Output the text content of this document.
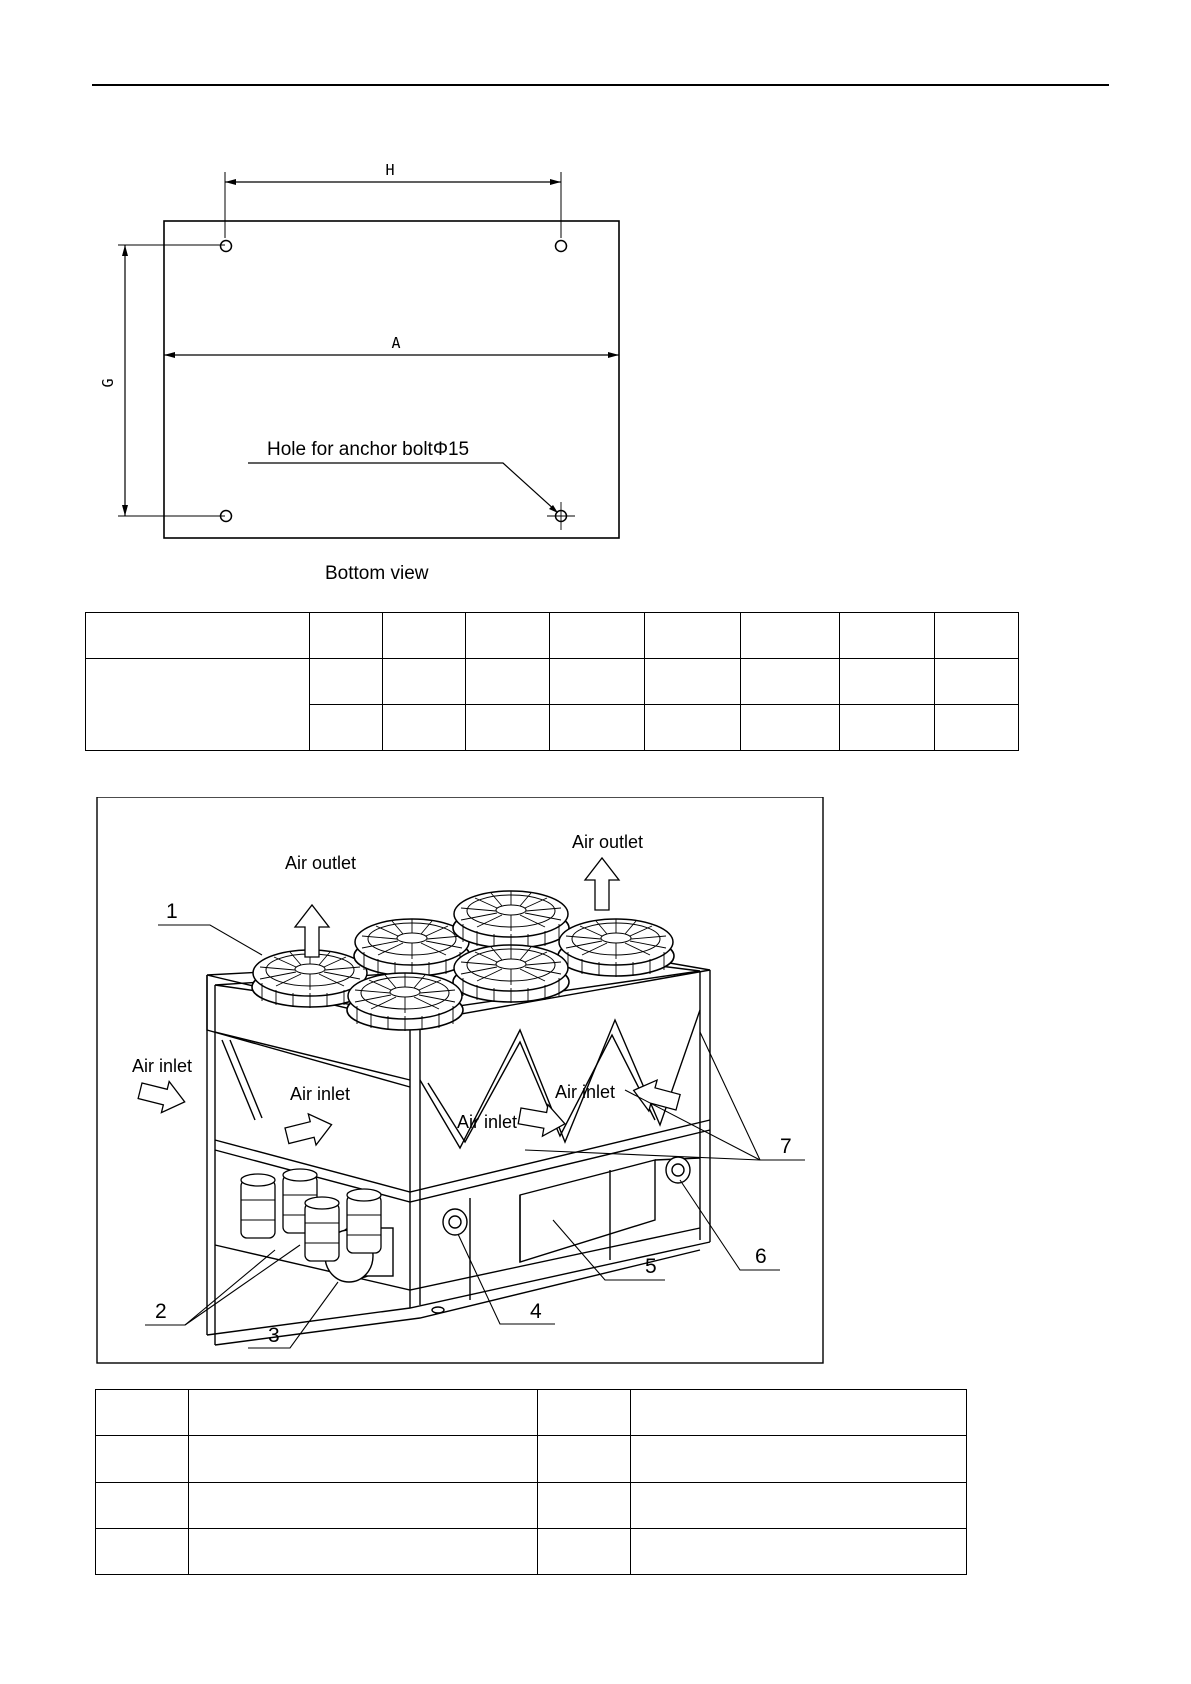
H
A
G
Hole for anchor boltΦ15
Bottom view

Air outlet
Air outlet
Air inlet
Air inlet
Air inlet
Air inlet
1
2
3
4
5	6
7
